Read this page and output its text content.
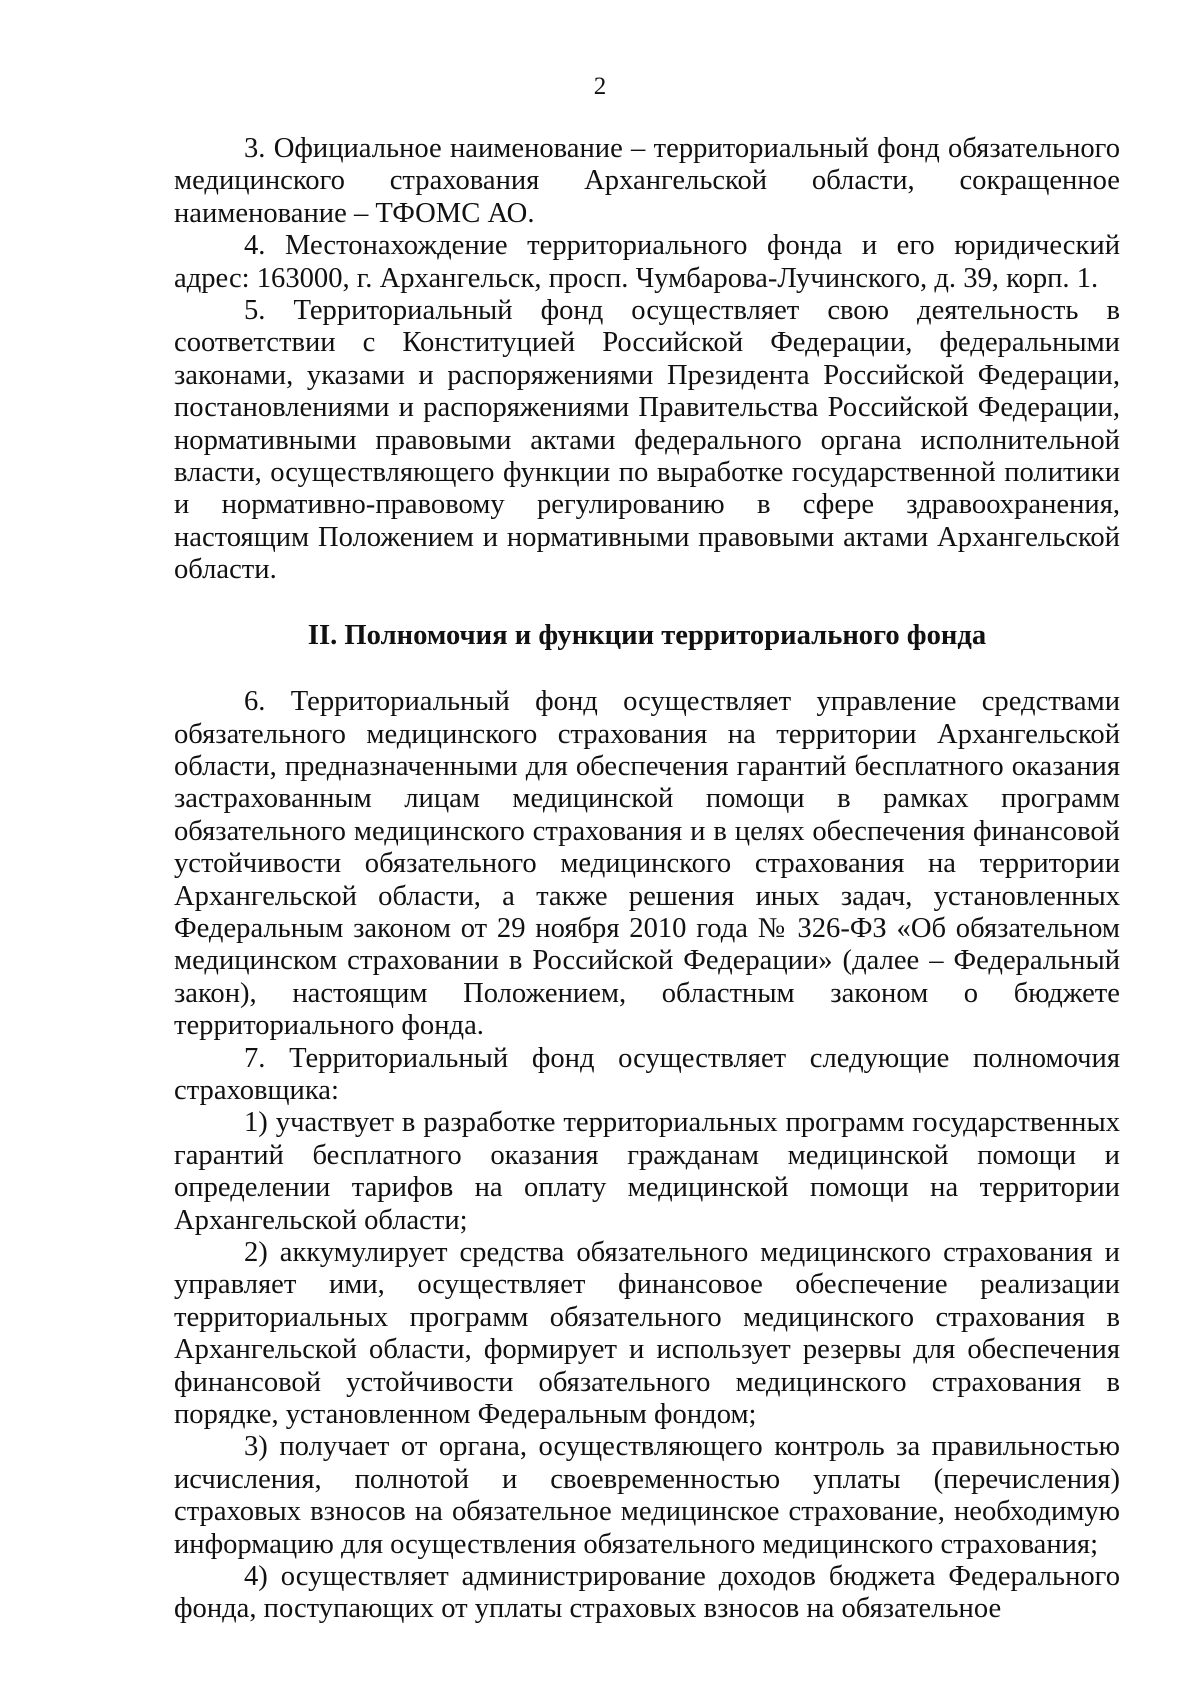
2

3. Официальное наименование – территориальный фонд обязательного медицинского страхования Архангельской области, сокращенное наименование – ТФОМС АО.

4. Местонахождение территориального фонда и его юридический адрес: 163000, г. Архангельск, просп. Чумбарова-Лучинского, д. 39, корп. 1.

5. Территориальный фонд осуществляет свою деятельность в соответствии с Конституцией Российской Федерации, федеральными законами, указами и распоряжениями Президента Российской Федерации, постановлениями и распоряжениями Правительства Российской Федерации, нормативными правовыми актами федерального органа исполнительной власти, осуществляющего функции по выработке государственной политики и нормативно-правовому регулированию в сфере здравоохранения, настоящим Положением и нормативными правовыми актами Архангельской области.

II. Полномочия и функции территориального фонда

6. Территориальный фонд осуществляет управление средствами обязательного медицинского страхования на территории Архангельской области, предназначенными для обеспечения гарантий бесплатного оказания застрахованным лицам медицинской помощи в рамках программ обязательного медицинского страхования и в целях обеспечения финансовой устойчивости обязательного медицинского страхования на территории Архангельской области, а также решения иных задач, установленных Федеральным законом от 29 ноября 2010 года № 326-ФЗ «Об обязательном медицинском страховании в Российской Федерации» (далее – Федеральный закон), настоящим Положением, областным законом о бюджете территориального фонда.

7. Территориальный фонд осуществляет следующие полномочия страховщика:

1) участвует в разработке территориальных программ государственных гарантий бесплатного оказания гражданам медицинской помощи и определении тарифов на оплату медицинской помощи на территории Архангельской области;

2) аккумулирует средства обязательного медицинского страхования и управляет ими, осуществляет финансовое обеспечение реализации территориальных программ обязательного медицинского страхования в Архангельской области, формирует и использует резервы для обеспечения финансовой устойчивости обязательного медицинского страхования в порядке, установленном Федеральным фондом;

3) получает от органа, осуществляющего контроль за правильностью исчисления, полнотой и своевременностью уплаты (перечисления) страховых взносов на обязательное медицинское страхование, необходимую информацию для осуществления обязательного медицинского страхования;

4) осуществляет администрирование доходов бюджета Федерального фонда, поступающих от уплаты страховых взносов на обязательное
